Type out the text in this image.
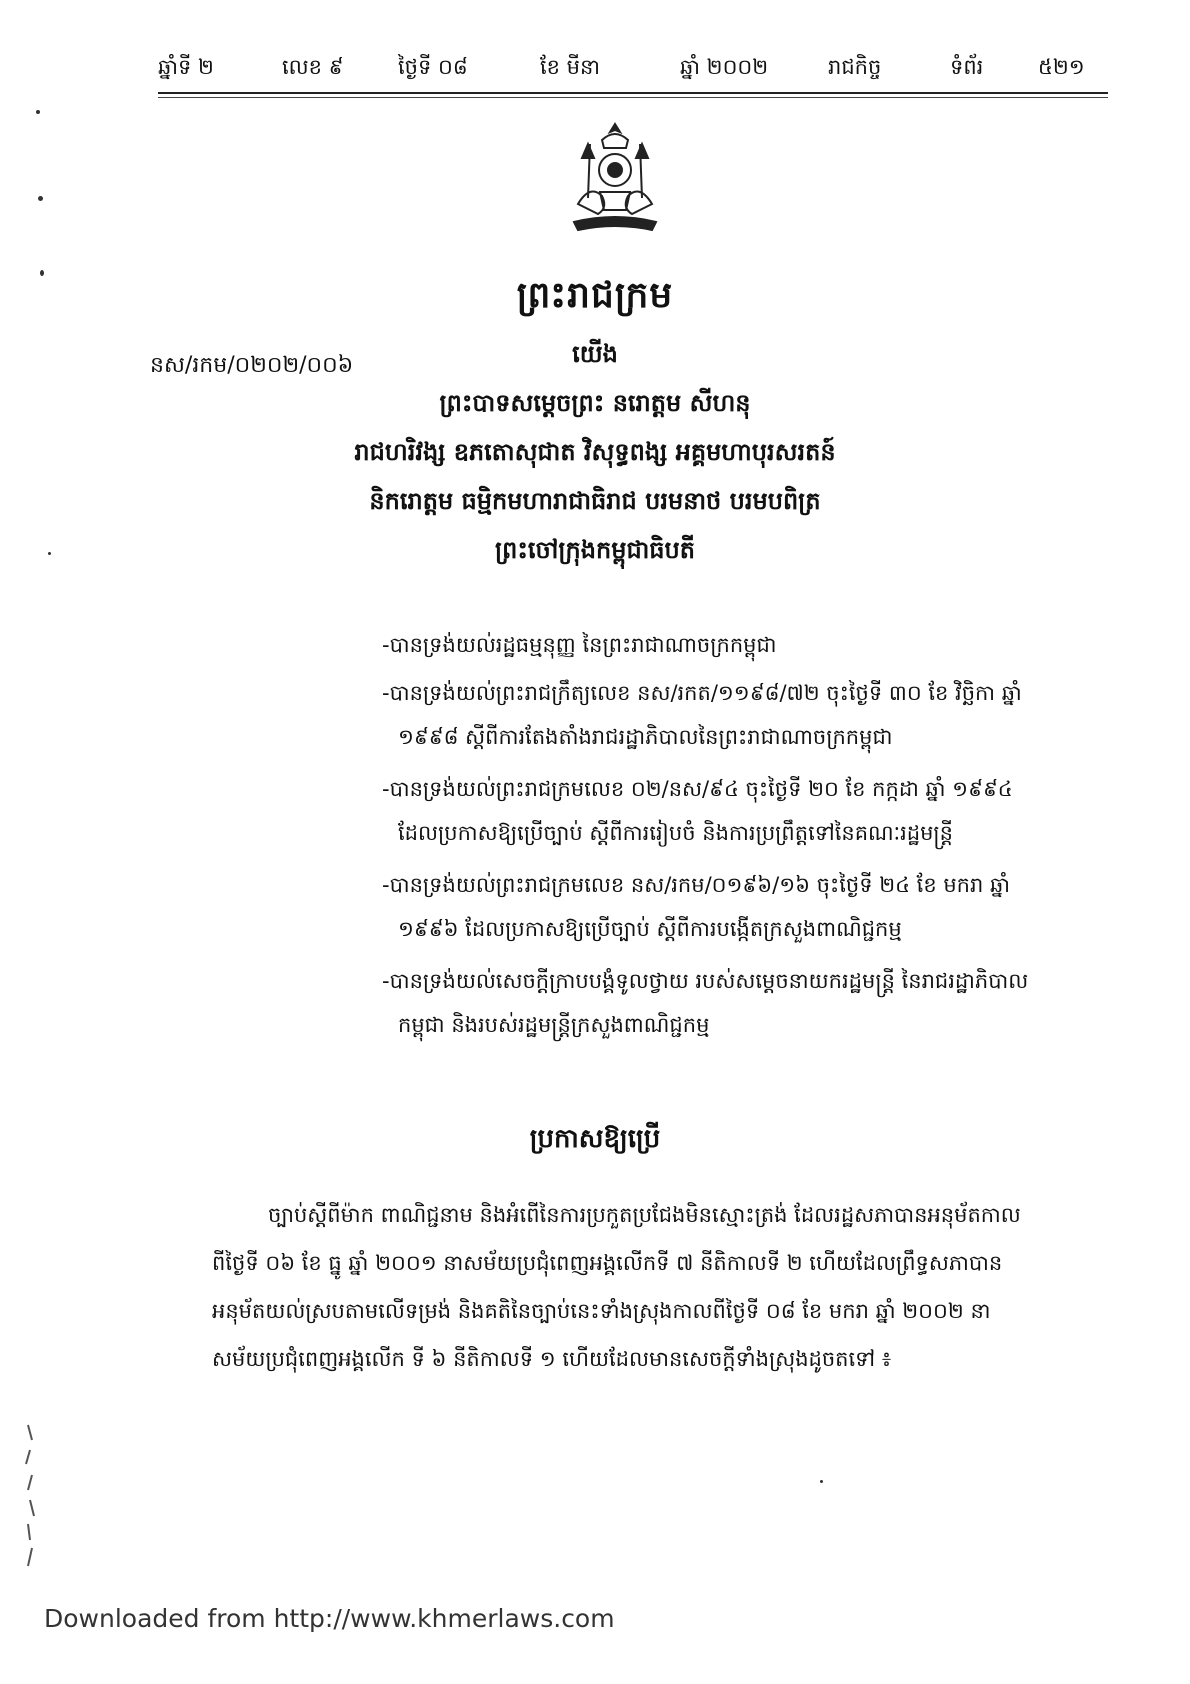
ឆ្នាំទី ២	លេខ ៩	ថ្ងៃទី ០៨	ខែ មីនា	ឆ្នាំ ២០០២	រាជកិច្ច	ទំព័រ	៥២១
ព្រះរាជក្រម
នស/រកម/០២០២/០០៦	យើង
ព្រះបាទសម្ដេចព្រះ នរោត្ដម សីហនុ
រាជហរិវង្ស ឧភតោសុជាត វិសុទ្ធពង្ស អគ្គមហាបុរសរតន៍
និករោត្ដម ធម្មិកមហារាជាធិរាជ បរមនាថ បរមបពិត្រ
ព្រះចៅក្រុងកម្ពុជាធិបតី
-បានទ្រង់យល់រដ្ឋធម្មនុញ្ញ នៃព្រះរាជាណាចក្រកម្ពុជា
-បានទ្រង់យល់ព្រះរាជក្រឹត្យលេខ នស/រកត/១១៩៨/៧២ ចុះថ្ងៃទី ៣០ ខែ វិច្ឆិកា ឆ្នាំ
១៩៩៨ ស្ដីពីការតែងតាំងរាជរដ្ឋាភិបាលនៃព្រះរាជាណាចក្រកម្ពុជា
-បានទ្រង់យល់ព្រះរាជក្រមលេខ ០២/នស/៩៤ ចុះថ្ងៃទី ២០ ខែ កក្កដា ឆ្នាំ ១៩៩៤
ដែលប្រកាសឱ្យប្រើច្បាប់ ស្ដីពីការរៀបចំ និងការប្រព្រឹត្តទៅនៃគណៈរដ្ឋមន្ត្រី
-បានទ្រង់យល់ព្រះរាជក្រមលេខ នស/រកម/០១៩៦/១៦ ចុះថ្ងៃទី ២៤ ខែ មករា ឆ្នាំ
១៩៩៦ ដែលប្រកាសឱ្យប្រើច្បាប់ ស្ដីពីការបង្កើតក្រសួងពាណិជ្ជកម្ម
-បានទ្រង់យល់សេចក្ដីក្រាបបង្គំទូលថ្វាយ របស់សម្ដេចនាយករដ្ឋមន្ត្រី នៃរាជរដ្ឋាភិបាល
កម្ពុជា និងរបស់រដ្ឋមន្ត្រីក្រសួងពាណិជ្ជកម្ម
ប្រកាសឱ្យប្រើ
ច្បាប់ស្ដីពីម៉ាក ពាណិជ្ជនាម និងអំពើនៃការប្រកួតប្រជែងមិនស្មោះត្រង់ ដែលរដ្ឋសភាបានអនុម័តកាល
ពីថ្ងៃទី ០៦ ខែ ធ្នូ ឆ្នាំ ២០០១ នាសម័យប្រជុំពេញអង្គលើកទី ៧ នីតិកាលទី ២ ហើយដែលព្រឹទ្ធសភាបាន
អនុម័តយល់ស្របតាមលើទម្រង់ និងគតិនៃច្បាប់នេះទាំងស្រុងកាលពីថ្ងៃទី ០៨ ខែ មករា ឆ្នាំ ២០០២ នា
សម័យប្រជុំពេញអង្គលើក ទី ៦ នីតិកាលទី ១ ហើយដែលមានសេចក្ដីទាំងស្រុងដូចតទៅ ៖
Downloaded from http://www.khmerlaws.com
